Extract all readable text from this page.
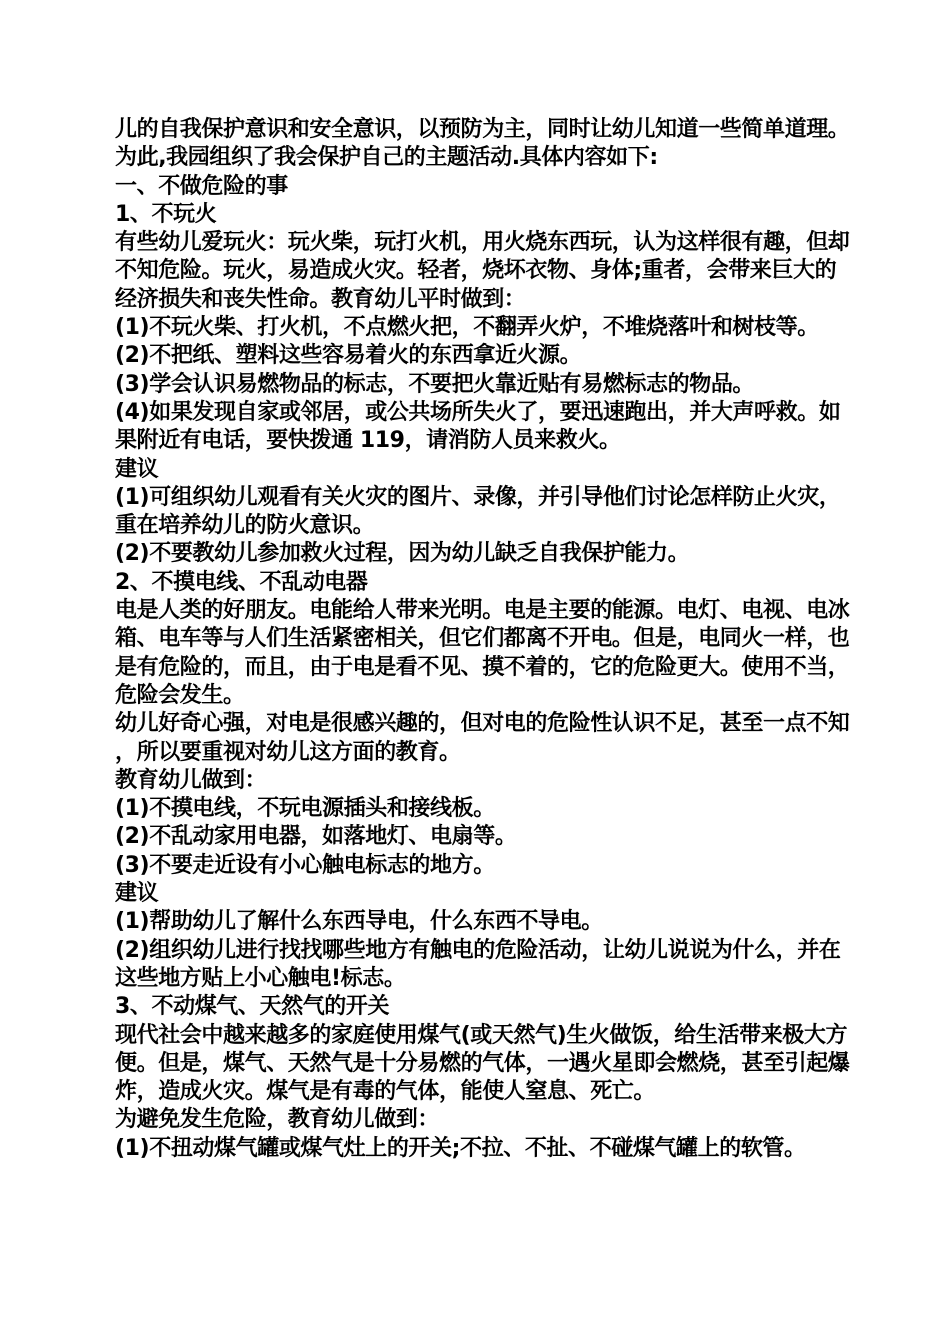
儿的自我保护意识和安全意识，以预防为主，同时让幼儿知道一些简单道理。为此,我园组织了我会保护自己的主题活动.具体内容如下:

一、不做危险的事

1、不玩火

有些幼儿爱玩火：玩火柴，玩打火机，用火烧东西玩，认为这样很有趣，但却不知危险。玩火，易造成火灾。轻者，烧坏衣物、身体;重者，会带来巨大的经济损失和丧失性命。教育幼儿平时做到：

(1)不玩火柴、打火机，不点燃火把，不翻弄火炉，不堆烧落叶和树枝等。

(2)不把纸、塑料这些容易着火的东西拿近火源。

(3)学会认识易燃物品的标志，不要把火靠近贴有易燃标志的物品。

(4)如果发现自家或邻居，或公共场所失火了，要迅速跑出，并大声呼救。如果附近有电话，要快拨通 119，请消防人员来救火。

建议

(1)可组织幼儿观看有关火灾的图片、录像，并引导他们讨论怎样防止火灾，重在培养幼儿的防火意识。

(2)不要教幼儿参加救火过程，因为幼儿缺乏自我保护能力。

2、不摸电线、不乱动电器

电是人类的好朋友。电能给人带来光明。电是主要的能源。电灯、电视、电冰箱、电车等与人们生活紧密相关，但它们都离不开电。但是，电同火一样，也是有危险的，而且，由于电是看不见、摸不着的，它的危险更大。使用不当，危险会发生。

幼儿好奇心强，对电是很感兴趣的，但对电的危险性认识不足，甚至一点不知，所以要重视对幼儿这方面的教育。

教育幼儿做到：

(1)不摸电线，不玩电源插头和接线板。

(2)不乱动家用电器，如落地灯、电扇等。

(3)不要走近设有小心触电标志的地方。

建议

(1)帮助幼儿了解什么东西导电，什么东西不导电。

(2)组织幼儿进行找找哪些地方有触电的危险活动，让幼儿说说为什么，并在这些地方贴上小心触电!标志。

3、不动煤气、天然气的开关

现代社会中越来越多的家庭使用煤气(或天然气)生火做饭，给生活带来极大方便。但是，煤气、天然气是十分易燃的气体，一遇火星即会燃烧，甚至引起爆炸，造成火灾。煤气是有毒的气体，能使人窒息、死亡。

为避免发生危险，教育幼儿做到：

(1)不扭动煤气罐或煤气灶上的开关;不拉、不扯、不碰煤气罐上的软管。
